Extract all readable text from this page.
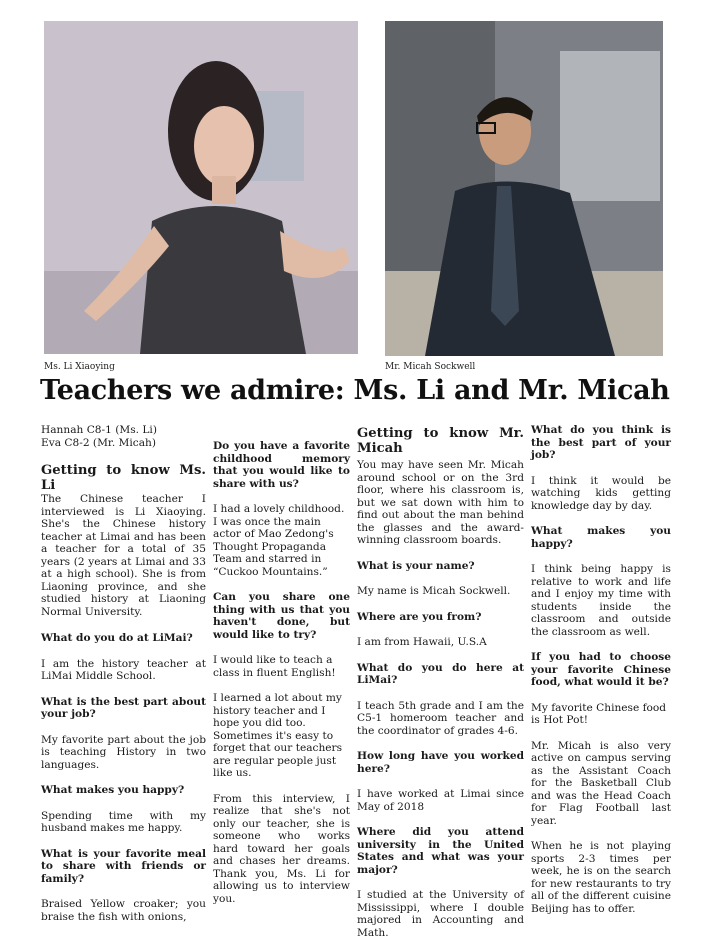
Ms. Li Xiaoying	Mr. Micah Sockwell
Teachers we admire: Ms. Li and Mr. Micah

Hannah C8-1 (Ms. Li)

Eva C8-2 (Mr. Micah)

Getting to know Ms. Li

The Chinese teacher I interviewed is Li Xiaoying. She's the Chinese history teacher at Limai and has been a teacher for a total of 35 years (2 years at Limai and 33 at a high school). She is from Liaoning province, and she studied history at Liaoning Normal University.

What do you do at LiMai?

I am the history teacher at LiMai Middle School.

What is the best part about your job?

My favorite part about the job is teaching History in two languages.

What makes you happy?

Spending time with my husband makes me happy.

What is your favorite meal to share with friends or family?

Braised Yellow croaker; you braise the fish with onions,

Do you have a favorite childhood memory that you would like to share with us?

I had a lovely childhood. I was once the main actor of Mao Zedong's Thought Propaganda Team and starred in “Cuckoo Mountains.”

Can you share one thing with us that you haven't done, but would like to try?

I would like to teach a class in fluent English!

I learned a lot about my history teacher and I hope you did too. Sometimes it's easy to forget that our teachers are regular people just like us.

From this interview, I realize that she's not only our teacher, she is someone who works hard toward her goals and chases her dreams. Thank you, Ms. Li for allowing us to interview you.

Getting to know Mr. Micah

You may have seen Mr. Micah around school or on the 3rd floor, where his classroom is, but we sat down with him to find out about the man behind the glasses and the award-winning classroom boards.

What is your name?

My name is Micah Sockwell.

Where are you from?

I am from Hawaii, U.S.A

What do you do here at LiMai?

I teach 5th grade and I am the C5-1 homeroom teacher and the coordinator of grades 4-6.

How long have you worked here?

I have worked at Limai since May of 2018

Where did you attend university in the United States and what was your major?

I studied at the University of Mississippi, where I double majored in Accounting and Math.

What do you think is the best part of your job?

I think it would be watching kids getting knowledge day by day.

What makes you happy?

I think being happy is relative to work and life and I enjoy my time with students inside the classroom and outside the classroom as well.

If you had to choose your favorite Chinese food, what would it be?

My favorite Chinese food is Hot Pot!

Mr. Micah is also very active on campus serving as the Assistant Coach for the Basketball Club and was the Head Coach for Flag Football last year.

When he is not playing sports 2-3 times per week, he is on the search for new restaurants to try all of the different cuisine Beijing has to offer.
